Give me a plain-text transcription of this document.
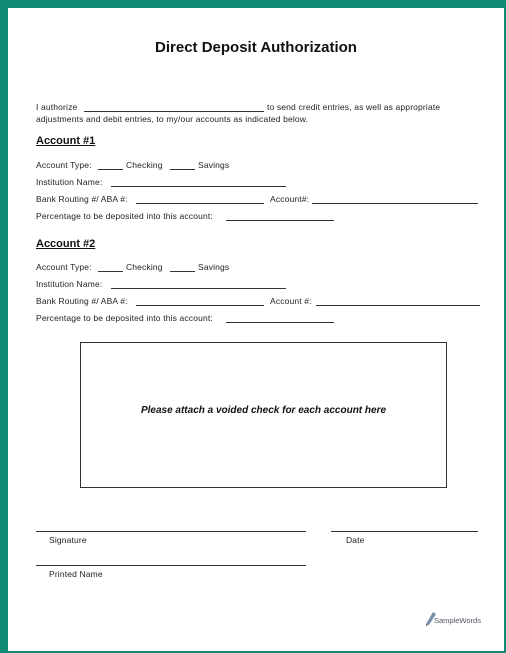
Direct Deposit Authorization
I authorize	to send credit entries, as well as appropriate
adjustments and debit entries, to my/our accounts as indicated below.
Account #1
Account Type:	Checking	Savings
Institution Name:
Bank Routing #/ ABA #:	Account#:
Percentage to be deposited into this account:
Account #2
Account Type:	Checking	Savings
Institution Name:
Bank Routing #/ ABA #:	Account #:
Percentage to be deposited into this account:
Please attach a voided check for each account here
Signature	Date
Printed Name
SampleWords
